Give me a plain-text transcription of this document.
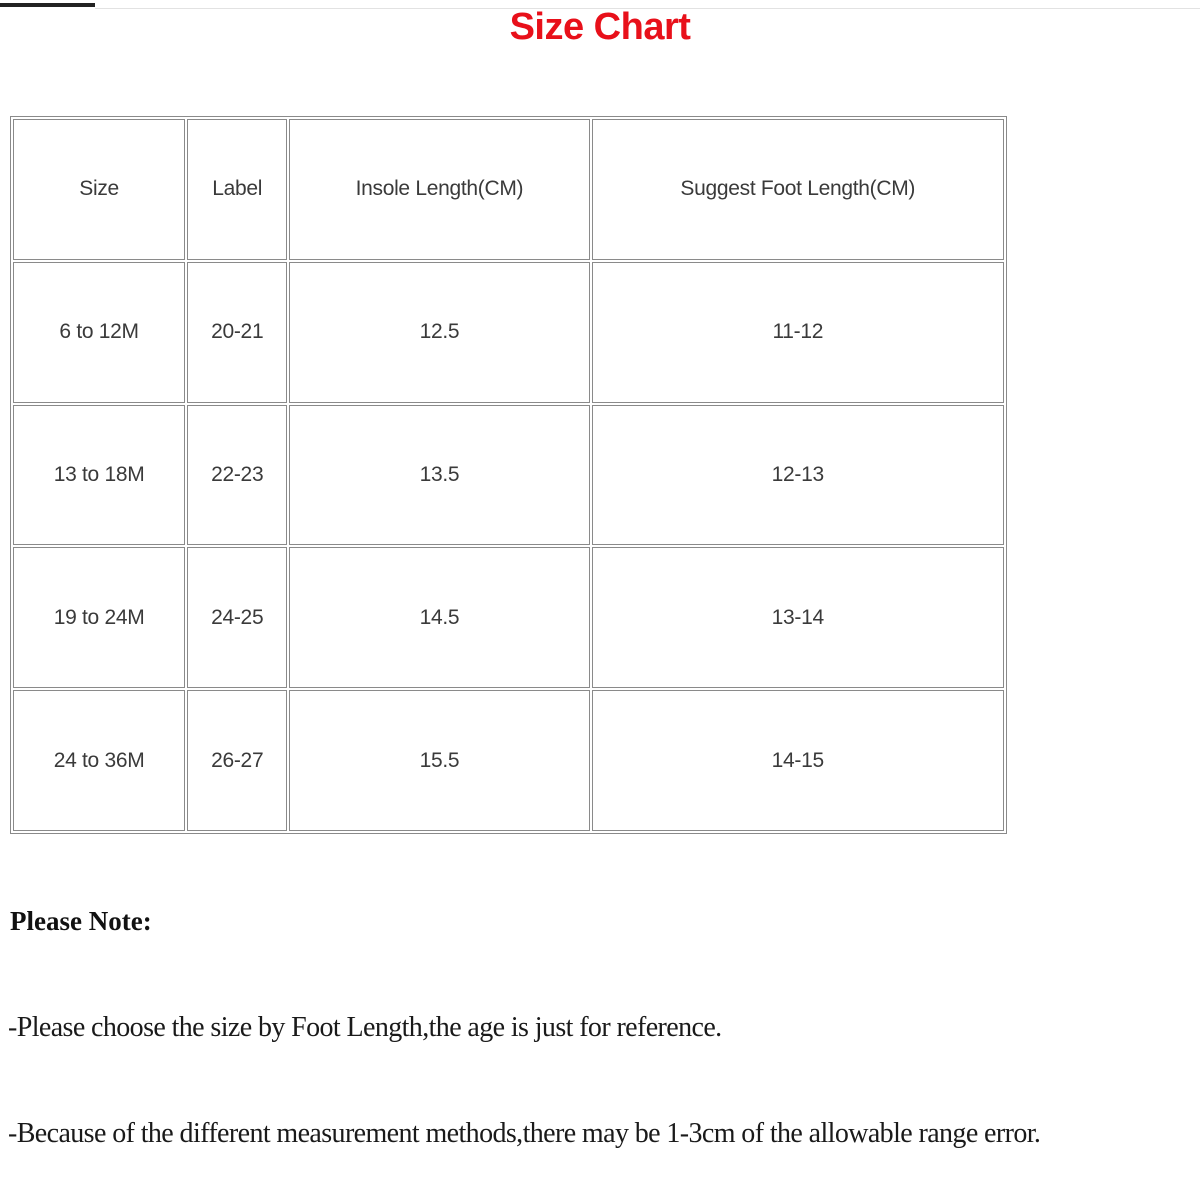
Size Chart
Size	Label	Insole Length(CM)	Suggest Foot Length(CM)
6 to 12M	20-21	12.5	11-12
13 to 18M	22-23	13.5	12-13
19 to 24M	24-25	14.5	13-14
24 to 36M	26-27	15.5	14-15
Please Note:
-Please choose the size by Foot Length,the age is just for reference.
-Because of the different measurement methods,there may be 1-3cm of the allowable range error.
